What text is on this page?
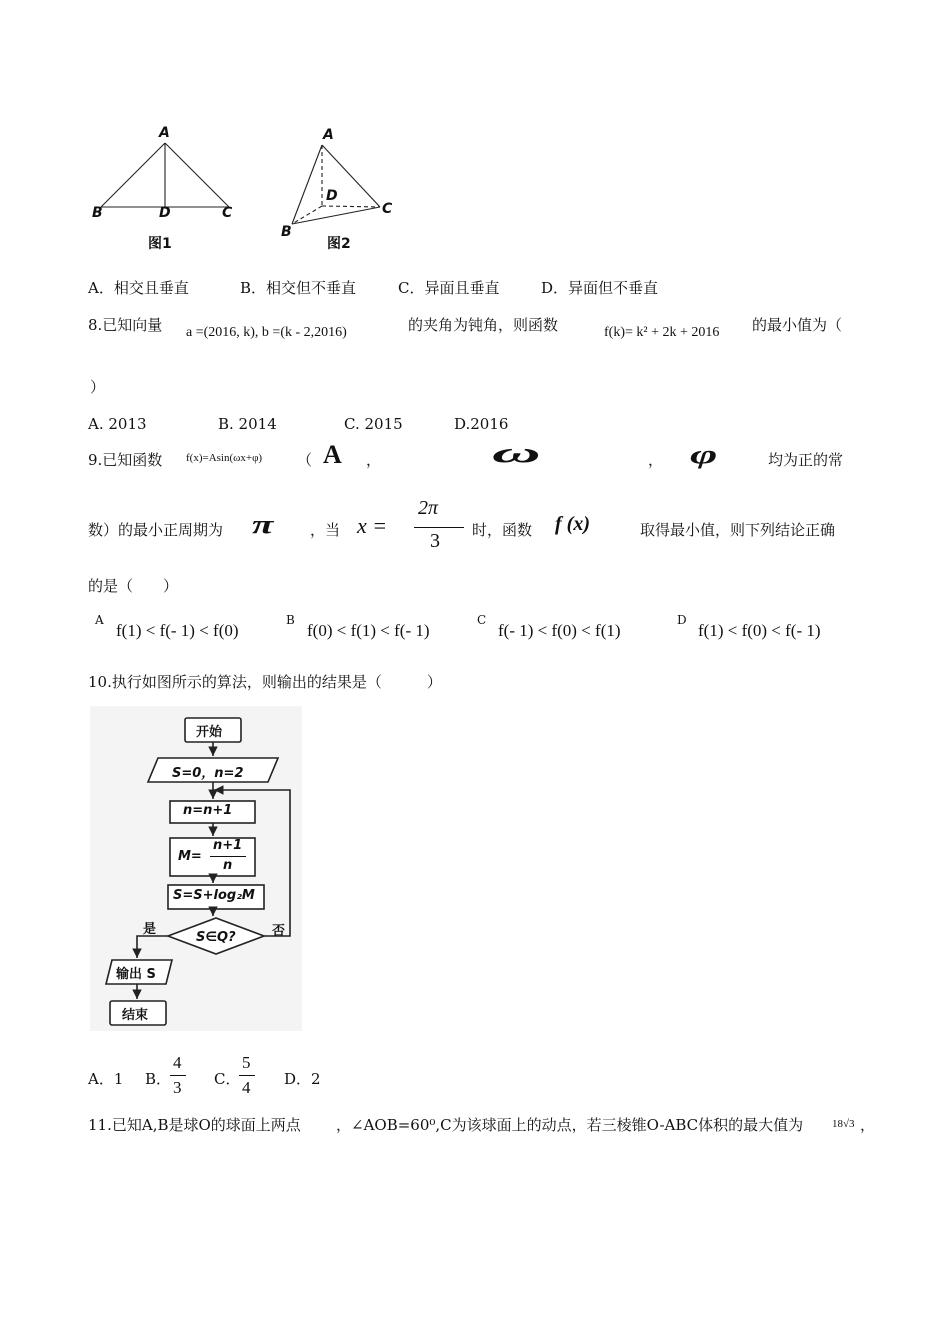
A
B	D	C
图1
A
D
C
B
图2
A．相交且垂直	B．相交但不垂直	C．异面且垂直	D．异面但不垂直
8.已知向量 a =(2016, k), b =(k - 2,2016)	的夹角为钝角，则函数	f(k)= k² + 2k + 2016 的最小值为（
）
A. 2013	B. 2014	C. 2015	D.2016
9.已知函数 f(x)=Asin(ωx+φ) （ A ，	ω	， φ	均为正的常
数）的最小正周期为 π ，当 x =
2π
3 时，函数 f (x)	取得最小值，则下列结论正确
的是（　　）
A
f(1) < f(- 1) < f(0)
B
f(0) < f(1) < f(- 1)
C
f(- 1) < f(0) < f(1)
D
f(1) < f(0) < f(- 1)
10.执行如图所示的算法，则输出的结果是（　　　）
开始
S=0，n=2
n=n+1
M=
n+1
n
S=S+log₂M
S∈Q?
是	否
输出 S
结束
A．1 B．
4
3 C．
5
4 D．2
11.已知A,B是球O的球面上两点 ，∠AOB=60⁰,C为该球面上的动点，若三棱锥O-ABC体积的最大值为	18√3 ，
